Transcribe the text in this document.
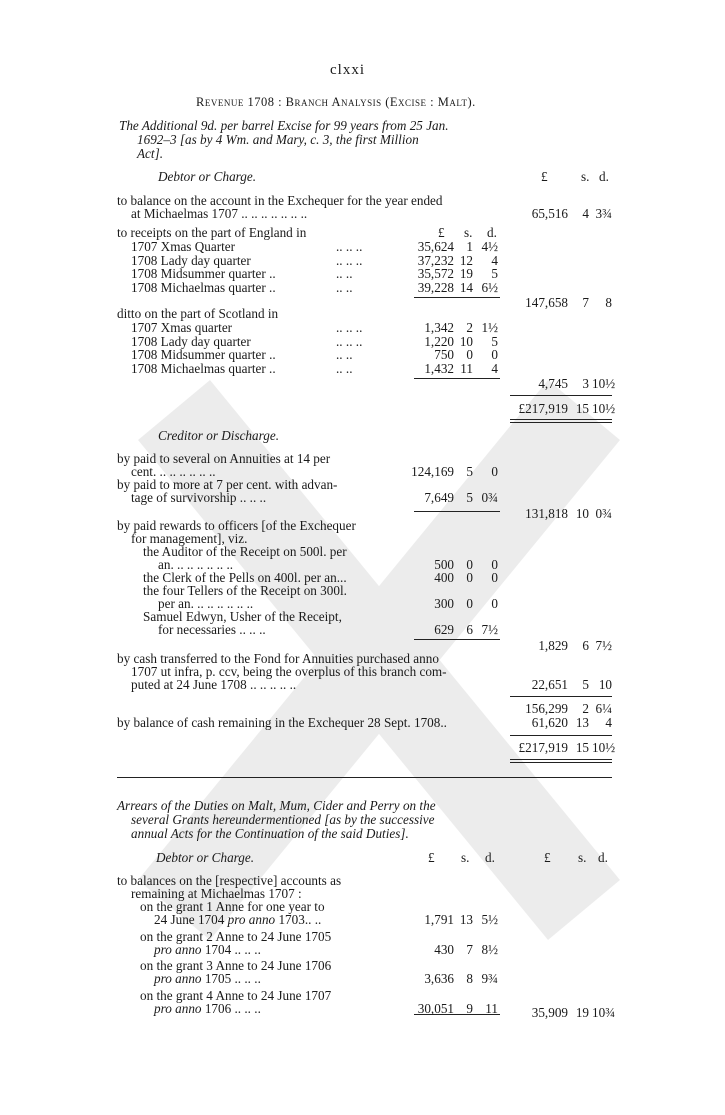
clxxi
Revenue 1708 : Branch Analysis (Excise : Malt).
The Additional 9d. per barrel Excise for 99 years from 25 Jan.
1692–3 [as by 4 Wm. and Mary, c. 3, the first Million
Act].
Debtor or Charge.	£	s. d.
to balance on the account in the Exchequer for the year ended
at Michaelmas 1707 .. .. .. .. .. .. ..	65,516	4 3¾
to receipts on the part of England in	£ s. d.
1707 Xmas Quarter	.. .. ..	35,624 1 4½
1708 Lady day quarter	.. .. ..	37,232 12	4
1708 Midsummer quarter ..	.. ..	35,572 19	5
1708 Michaelmas quarter ..	.. ..	39,228 14 6½
147,658	7	8
ditto on the part of Scotland in
1707 Xmas quarter	.. .. ..	1,342 2 1½
1708 Lady day quarter	.. .. ..	1,220 10	5
1708 Midsummer quarter ..	.. ..	750 0	0
1708 Michaelmas quarter ..	.. ..	1,432 11	4
4,745	3 10½
£217,919 15 10½
Creditor or Discharge.
by paid to several on Annuities at 14 per
cent. .. .. .. .. .. ..	124,169 5	0
by paid to more at 7 per cent. with advan-
tage of survivorship .. .. ..	7,649 5 0¾
131,818 10 0¾
by paid rewards to officers [of the Exchequer
for management], viz.
the Auditor of the Receipt on 500l. per
an. .. .. .. .. .. ..	500 0	0
the Clerk of the Pells on 400l. per an...	400 0	0
the four Tellers of the Receipt on 300l.
per an. .. .. .. .. .. ..	300 0	0
Samuel Edwyn, Usher of the Receipt,
for necessaries .. .. ..	629 6 7½
1,829	6 7½
by cash transferred to the Fond for Annuities purchased anno
1707 ut infra, p. ccv, being the overplus of this branch com-
puted at 24 June 1708 .. .. .. .. ..	22,651	5 10
156,299	2 6¼
by balance of cash remaining in the Exchequer 28 Sept. 1708..	61,620 13	4
£217,919 15 10½
Arrears of the Duties on Malt, Mum, Cider and Perry on the
several Grants hereundermentioned [as by the successive
annual Acts for the Continuation of the said Duties].
Debtor or Charge.	£ s. d.	£ s. d.
to balances on the [respective] accounts as
remaining at Michaelmas 1707 :
on the grant 1 Anne for one year to
24 June 1704 pro anno 1703.. ..	1,791 13 5½
on the grant 2 Anne to 24 June 1705
pro anno 1704 .. .. ..	430 7 8½
on the grant 3 Anne to 24 June 1706
pro anno 1705 .. .. ..	3,636 8 9¾
on the grant 4 Anne to 24 June 1707
pro anno 1706 .. .. ..	30,051 9 11	35,909 19 10¾
